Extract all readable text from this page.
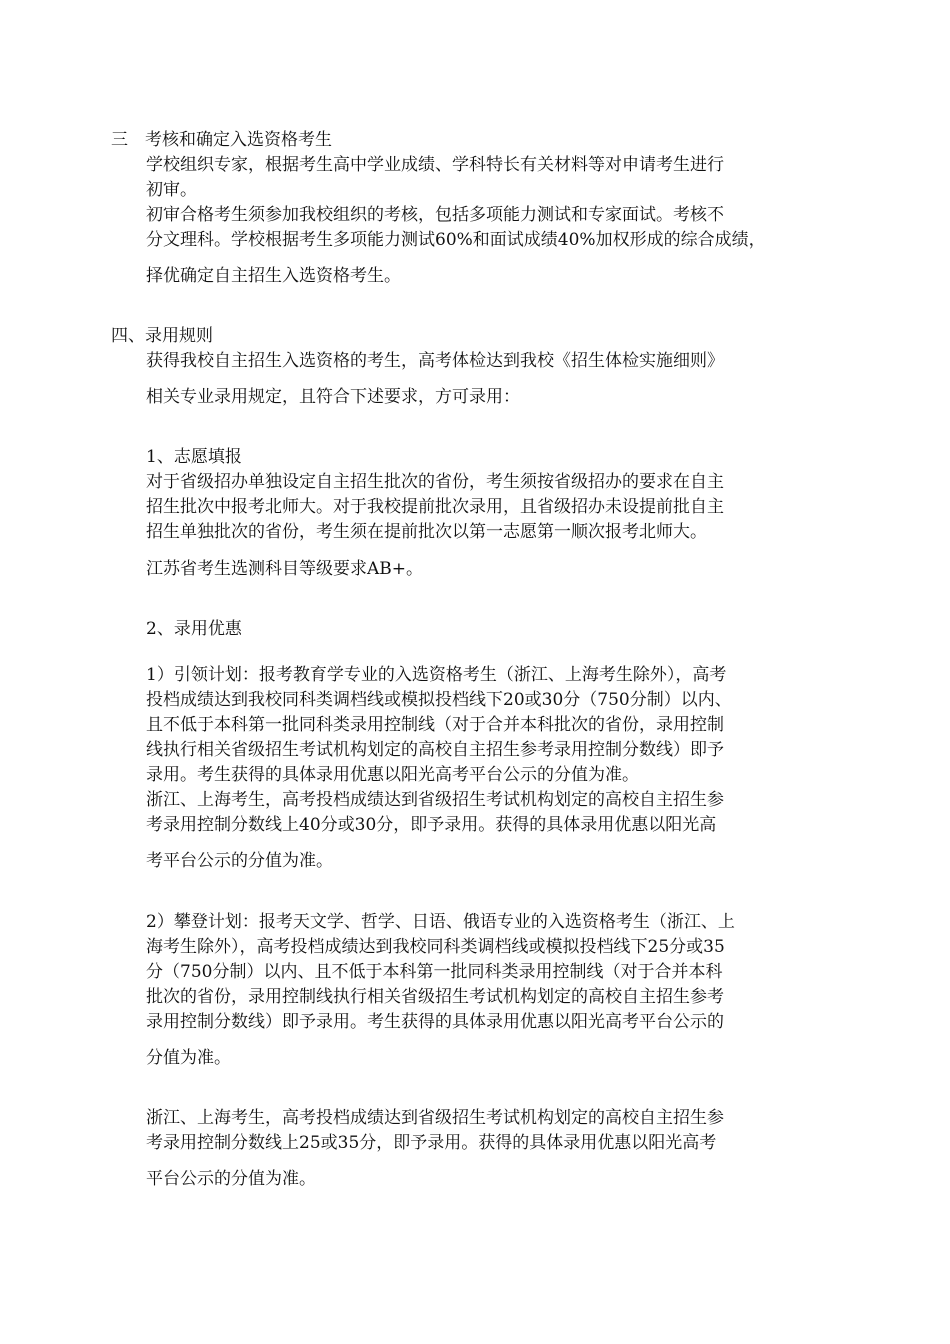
三　考核和确定入选资格考生
学校组织专家，根据考生高中学业成绩、学科特长有关材料等对申请考生进行
初审。
初审合格考生须参加我校组织的考核，包括多项能力测试和专家面试。考核不
分文理科。学校根据考生多项能力测试60%和面试成绩40%加权形成的综合成绩，
择优确定自主招生入选资格考生。
四、录用规则
获得我校自主招生入选资格的考生，高考体检达到我校《招生体检实施细则》
相关专业录用规定，且符合下述要求，方可录用：
1、志愿填报
对于省级招办单独设定自主招生批次的省份，考生须按省级招办的要求在自主
招生批次中报考北师大。对于我校提前批次录用，且省级招办未设提前批自主
招生单独批次的省份，考生须在提前批次以第一志愿第一顺次报考北师大。
江苏省考生选测科目等级要求AB+。
2、录用优惠
1）引领计划：报考教育学专业的入选资格考生（浙江、上海考生除外），高考
投档成绩达到我校同科类调档线或模拟投档线下20或30分（750分制）以内、
且不低于本科第一批同科类录用控制线（对于合并本科批次的省份，录用控制
线执行相关省级招生考试机构划定的高校自主招生参考录用控制分数线）即予
录用。考生获得的具体录用优惠以阳光高考平台公示的分值为准。
浙江、上海考生，高考投档成绩达到省级招生考试机构划定的高校自主招生参
考录用控制分数线上40分或30分，即予录用。获得的具体录用优惠以阳光高
考平台公示的分值为准。
2）攀登计划：报考天文学、哲学、日语、俄语专业的入选资格考生（浙江、上
海考生除外），高考投档成绩达到我校同科类调档线或模拟投档线下25分或35
分（750分制）以内、且不低于本科第一批同科类录用控制线（对于合并本科
批次的省份，录用控制线执行相关省级招生考试机构划定的高校自主招生参考
录用控制分数线）即予录用。考生获得的具体录用优惠以阳光高考平台公示的
分值为准。
浙江、上海考生，高考投档成绩达到省级招生考试机构划定的高校自主招生参
考录用控制分数线上25或35分，即予录用。获得的具体录用优惠以阳光高考
平台公示的分值为准。
